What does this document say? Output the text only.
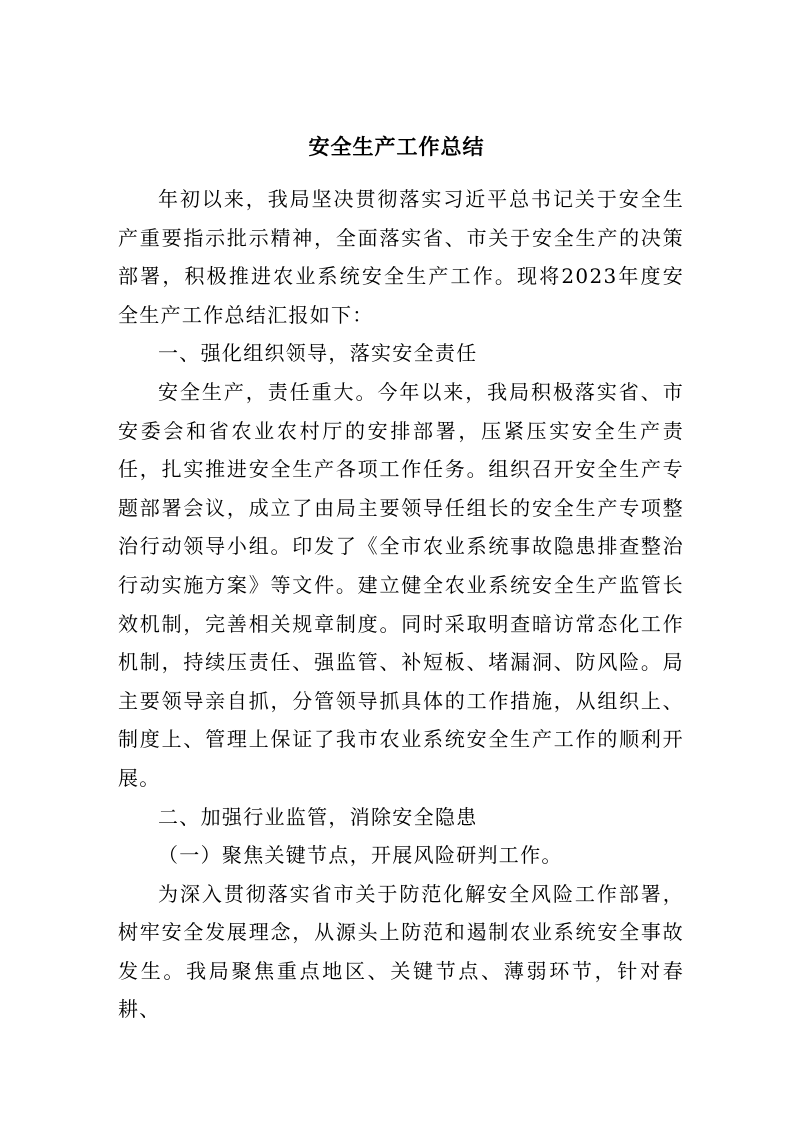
安全生产工作总结

年初以来，我局坚决贯彻落实习近平总书记关于安全生产重要指示批示精神，全面落实省、市关于安全生产的决策部署，积极推进农业系统安全生产工作。现将2023年度安全生产工作总结汇报如下：

一、强化组织领导，落实安全责任

安全生产，责任重大。今年以来，我局积极落实省、市安委会和省农业农村厅的安排部署，压紧压实安全生产责任，扎实推进安全生产各项工作任务。组织召开安全生产专题部署会议，成立了由局主要领导任组长的安全生产专项整治行动领导小组。印发了《全市农业系统事故隐患排查整治行动实施方案》等文件。建立健全农业系统安全生产监管长效机制，完善相关规章制度。同时采取明查暗访常态化工作机制，持续压责任、强监管、补短板、堵漏洞、防风险。局主要领导亲自抓，分管领导抓具体的工作措施，从组织上、制度上、管理上保证了我市农业系统安全生产工作的顺利开展。

二、加强行业监管，消除安全隐患

（一）聚焦关键节点，开展风险研判工作。

为深入贯彻落实省市关于防范化解安全风险工作部署，树牢安全发展理念，从源头上防范和遏制农业系统安全事故发生。我局聚焦重点地区、关键节点、薄弱环节，针对春耕、
